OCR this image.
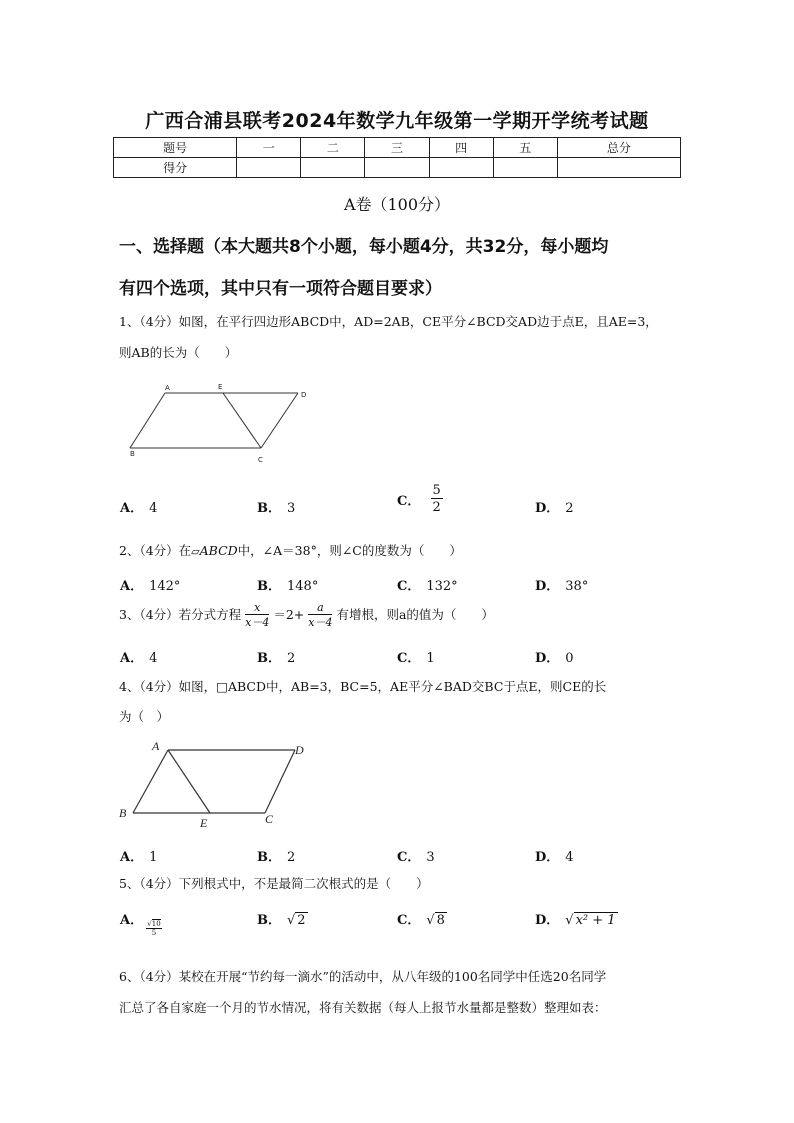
广西合浦县联考2024年数学九年级第一学期开学统考试题
题号	一	二	三	四	五	总分
得分						
A卷（100分）
一、选择题（本大题共8个小题，每小题4分，共32分，每小题均
有四个选项，其中只有一项符合题目要求）
1、（4分）如图，在平行四边形ABCD中，AD=2AB，CE平分∠BCD交AD边于点E，且AE=3，
则AB的长为（　　）
A	E
D
B
C
A． 4	B． 3	C． $\frac{5}{2}$	D． 2
2、（4分）在▱ABCD中，∠A＝38°，则∠C的度数为（　　）
A． 142°	B． 148°	C． 132°	D． 38°
3、（4分）若分式方程 $\frac{x}{x-4} =2+ \frac{a}{x-4}$ 有增根，则a的值为（　　）
A． 4	B． 2	C． 1	D． 0
4、（4分）如图，□ABCD中，AB=3，BC=5，AE平分∠BAD交BC于点E，则CE的长
为（　）
A	D
B
E	C
A． 1	B． 2	C． 3	D． 4
5、（4分）下列根式中，不是最简二次根式的是（　　）
A． √10
5
B． √ 2	C． √ 8	D． √ x² + 1
6、（4分）某校在开展“节约每一滴水”的活动中，从八年级的100名同学中任选20名同学
汇总了各自家庭一个月的节水情况，将有关数据（每人上报节水量都是整数）整理如表：
